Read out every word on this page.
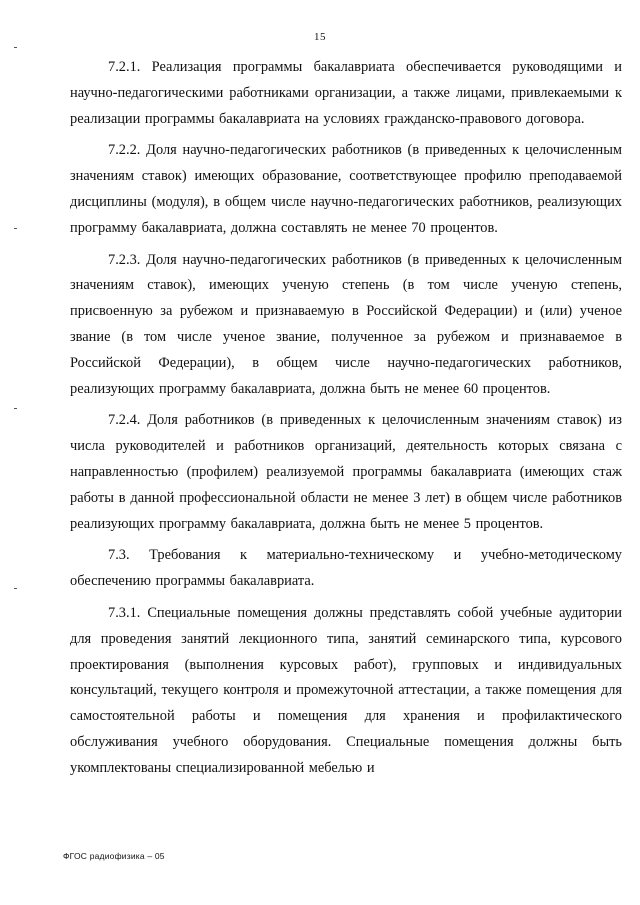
15

7.2.1. Реализация программы бакалавриата обеспечивается руководящими и научно-педагогическими работниками организации, а также лицами, привлекаемыми к реализации программы бакалавриата на условиях гражданско-правового договора.

7.2.2. Доля научно-педагогических работников (в приведенных к целочисленным значениям ставок) имеющих образование, соответствующее профилю преподаваемой дисциплины (модуля), в общем числе научно-педагогических работников, реализующих программу бакалавриата, должна составлять не менее 70 процентов.

7.2.3. Доля научно-педагогических работников (в приведенных к целочисленным значениям ставок), имеющих ученую степень (в том числе ученую степень, присвоенную за рубежом и признаваемую в Российской Федерации) и (или) ученое звание (в том числе ученое звание, полученное за рубежом и признаваемое в Российской Федерации), в общем числе научно-педагогических работников, реализующих программу бакалавриата, должна быть не менее 60 процентов.

7.2.4. Доля работников (в приведенных к целочисленным значениям ставок) из числа руководителей и работников организаций, деятельность которых связана с направленностью (профилем) реализуемой программы бакалавриата (имеющих стаж работы в данной профессиональной области не менее 3 лет) в общем числе работников реализующих программу бакалавриата, должна быть не менее 5 процентов.

7.3. Требования к материально-техническому и учебно-методическому обеспечению программы бакалавриата.

7.3.1. Специальные помещения должны представлять собой учебные аудитории для проведения занятий лекционного типа, занятий семинарского типа, курсового проектирования (выполнения курсовых работ), групповых и индивидуальных консультаций, текущего контроля и промежуточной аттестации, а также помещения для самостоятельной работы и помещения для хранения и профилактического обслуживания учебного оборудования. Специальные помещения должны быть укомплектованы специализированной мебелью и

ФГОС радиофизика – 05
